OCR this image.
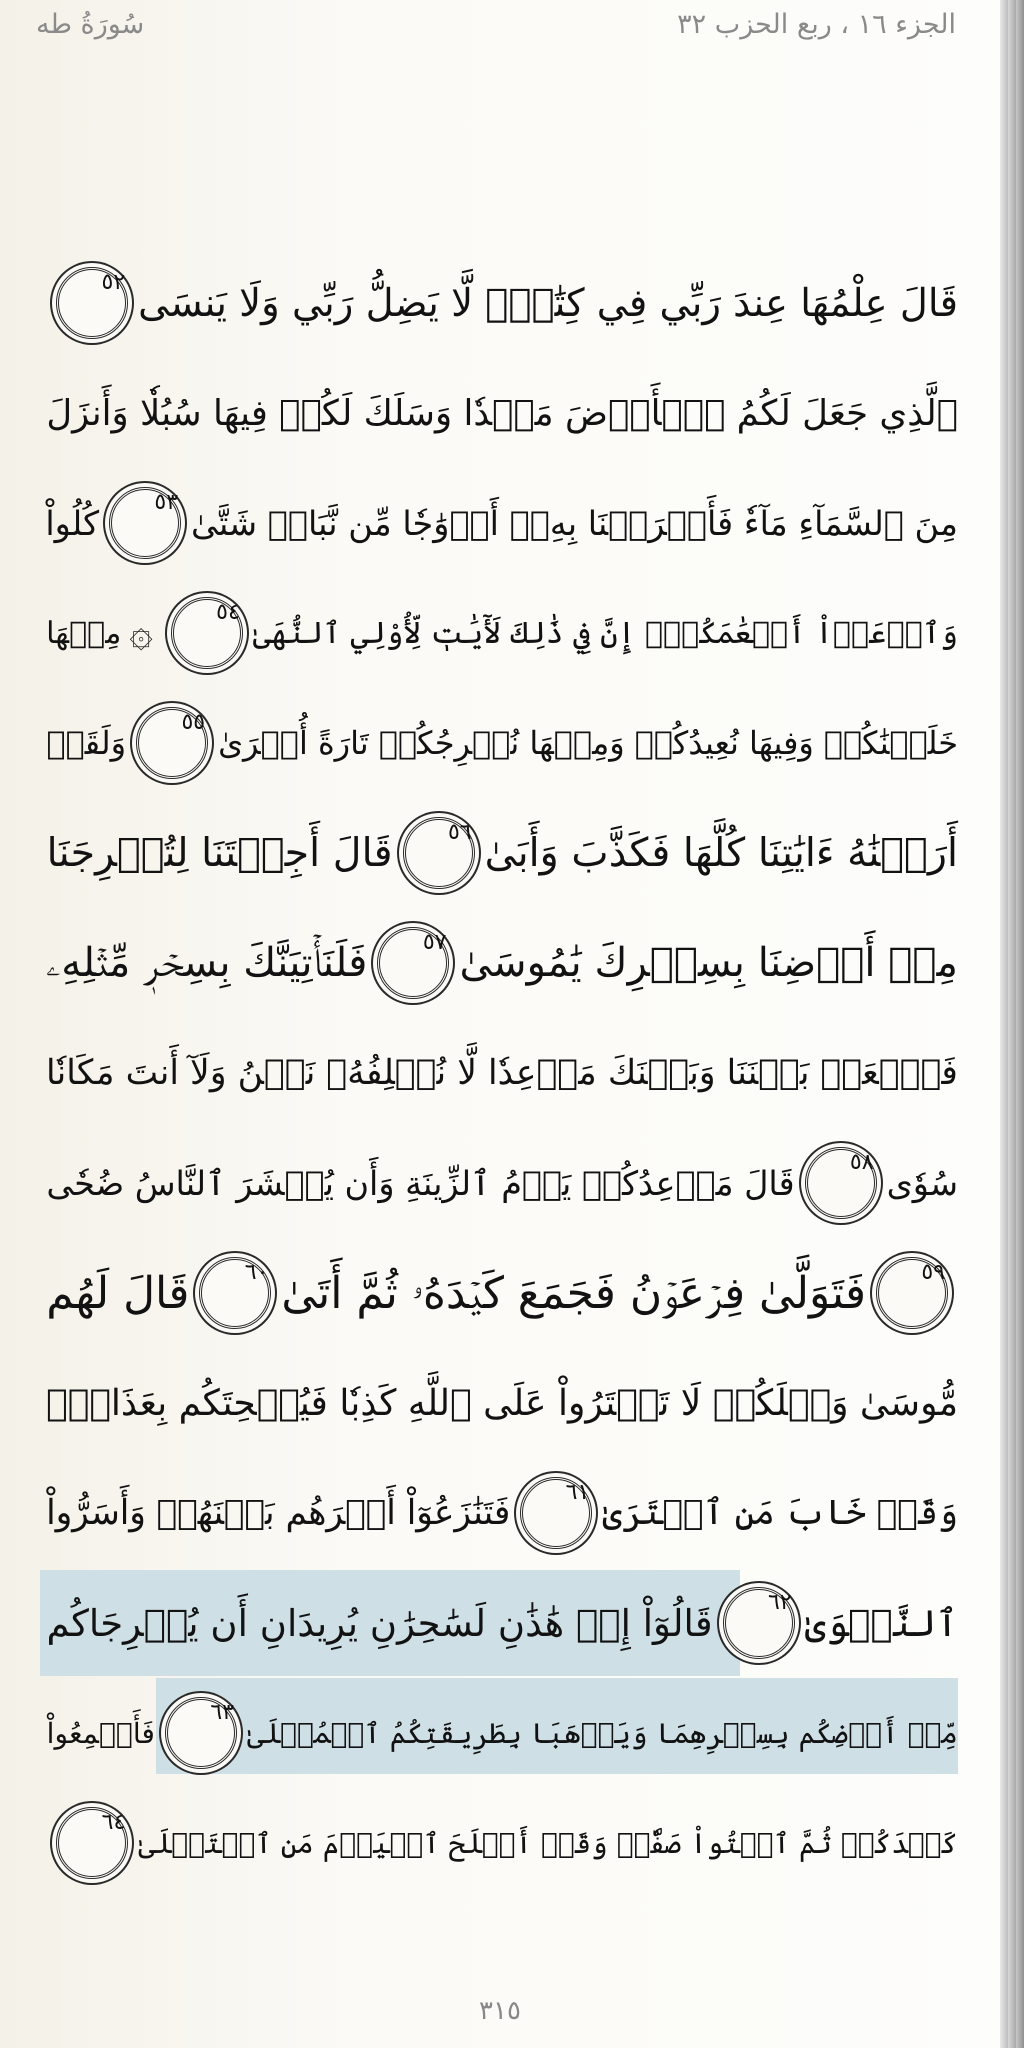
الجزء ١٦ ، ربع الحزب ٣٢
سُورَةُ طه
قَالَ عِلْمُهَا عِندَ رَبِّي فِي كِتَٰبٍۖ لَّا يَضِلُّ رَبِّي وَلَا يَنسَى
٥٢
ٱلَّذِي جَعَلَ لَكُمُ ٱلۡأَرۡضَ مَهۡدٗا وَسَلَكَ لَكُمۡ فِيهَا سُبُلٗا وَأَنزَلَ
مِنَ ٱلسَّمَآءِ مَآءٗ فَأَخۡرَجۡنَا بِهِۦٓ أَزۡوَٰجٗا مِّن نَّبَاتٖ شَتَّىٰ
٥٣
كُلُواْ
وَٱرۡعَوۡاْ أَنۡعَٰمَكُمۡۚ إِنَّ فِي ذَٰلِكَ لَأٓيَٰتٖ لِّأُوْلِي ٱلنُّهَىٰ
٥٤
۞
مِنۡهَا
خَلَقۡنَٰكُمۡ وَفِيهَا نُعِيدُكُمۡ وَمِنۡهَا نُخۡرِجُكُمۡ تَارَةً أُخۡرَىٰ
٥٥
وَلَقَدۡ
أَرَيۡنَٰهُ ءَايَٰتِنَا كُلَّهَا فَكَذَّبَ وَأَبَىٰ
٥٦
قَالَ أَجِئۡتَنَا لِتُخۡرِجَنَا
مِنۡ أَرۡضِنَا بِسِحۡرِكَ يَٰمُوسَىٰ
٥٧
فَلَنَأۡتِيَنَّكَ بِسِحۡرٖ مِّثۡلِهِۦ
فَٱجۡعَلۡ بَيۡنَنَا وَبَيۡنَكَ مَوۡعِدٗا لَّا نُخۡلِفُهُۥ نَحۡنُ وَلَآ أَنتَ مَكَانٗا
سُوٗى
٥٨
قَالَ مَوۡعِدُكُمۡ يَوۡمُ ٱلزِّينَةِ وَأَن يُحۡشَرَ ٱلنَّاسُ ضُحٗى
٥٩
فَتَوَلَّىٰ فِرۡعَوۡنُ فَجَمَعَ كَيۡدَهُۥ ثُمَّ أَتَىٰ
٦٠
قَالَ لَهُم
مُّوسَىٰ وَيۡلَكُمۡ لَا تَفۡتَرُواْ عَلَى ٱللَّهِ كَذِبٗا فَيُسۡحِتَكُم بِعَذَابٖۖ
وَقَدۡ خَابَ مَنِ ٱفۡتَرَىٰ
٦١
فَتَنَٰزَعُوٓاْ أَمۡرَهُم بَيۡنَهُمۡ وَأَسَرُّواْ
ٱلنَّجۡوَىٰ
٦٢
قَالُوٓاْ إِنۡ هَٰذَٰنِ لَسَٰحِرَٰنِ يُرِيدَانِ أَن يُخۡرِجَاكُم
مِّنۡ أَرۡضِكُم بِسِحۡرِهِمَا وَيَذۡهَبَا بِطَرِيقَتِكُمُ ٱلۡمُثۡلَىٰ
٦٣
فَأَجۡمِعُواْ
كَيۡدَكُمۡ ثُمَّ ٱئۡتُواْ صَفّٗاۚ وَقَدۡ أَفۡلَحَ ٱلۡيَوۡمَ مَنِ ٱسۡتَعۡلَىٰ
٦٤
٣١٥
